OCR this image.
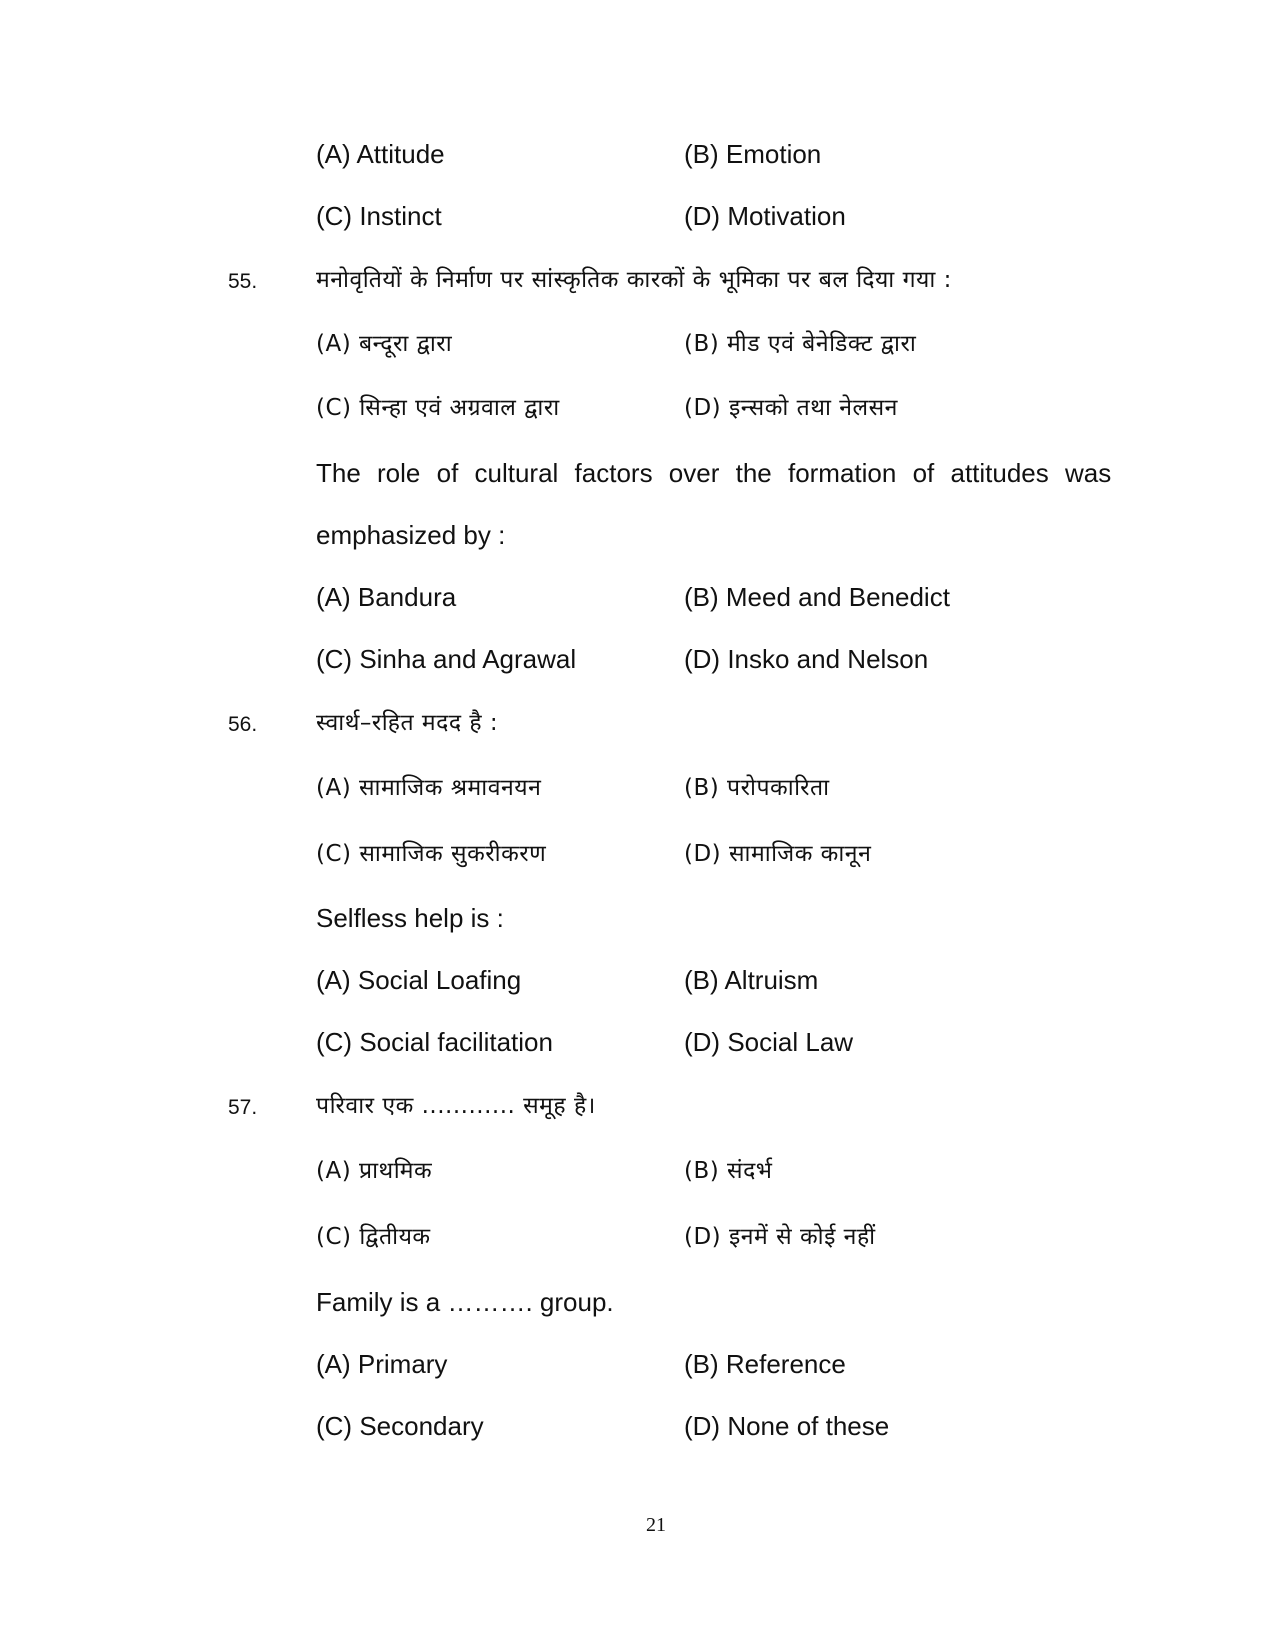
(A) Attitude	(B) Emotion
(C) Instinct	(D) Motivation
55.	मनोवृतियों के निर्माण पर सांस्कृतिक कारकों के भूमिका पर बल दिया गया :
(A) बन्दूरा द्वारा	(B) मीड एवं बेनेडिक्ट द्वारा
(C) सिन्हा एवं अग्रवाल द्वारा	(D) इन्सको तथा नेलसन
The role of cultural factors over the formation of attitudes was
emphasized by :
(A) Bandura	(B) Meed and Benedict
(C) Sinha and Agrawal	(D) Insko and Nelson
56.	स्वार्थ–रहित मदद है :
(A) सामाजिक श्रमावनयन	(B) परोपकारिता
(C) सामाजिक सुकरीकरण	(D) सामाजिक कानून
Selfless help is :
(A) Social Loafing	(B) Altruism
(C) Social facilitation	(D) Social Law
57.	परिवार एक ............ समूह है।
(A) प्राथमिक	(B) संदर्भ
(C) द्वितीयक	(D) इनमें से कोई नहीं
Family is a ………. group.
(A) Primary	(B) Reference
(C) Secondary	(D) None of these
21
